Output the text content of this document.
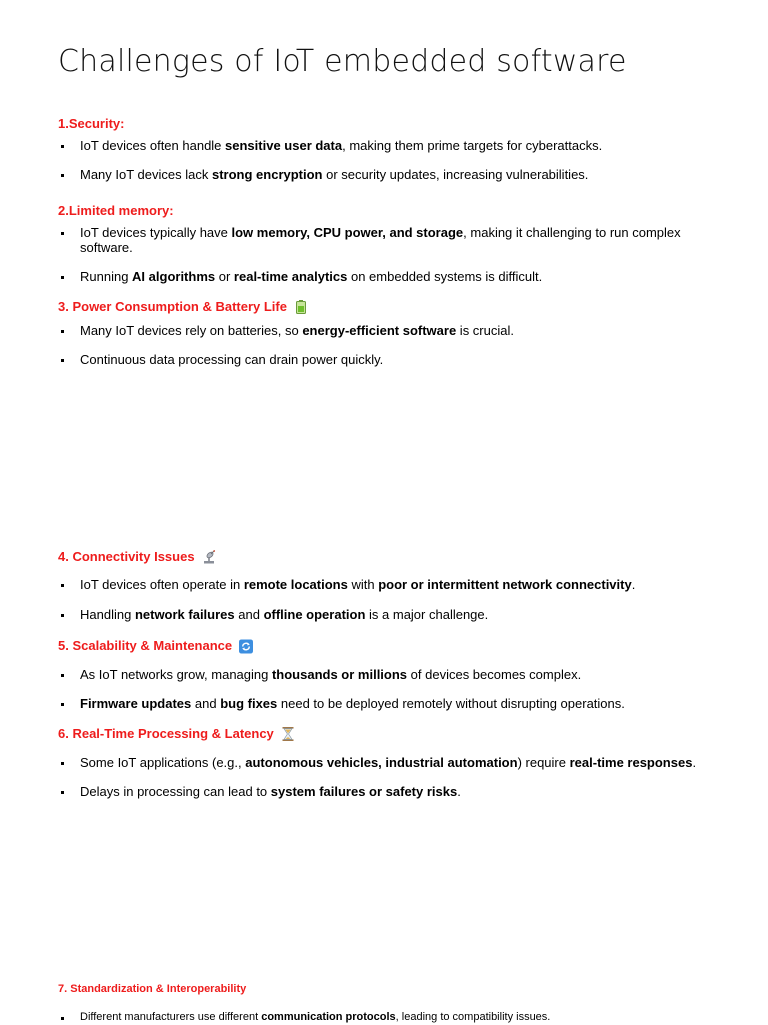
Challenges of IoT embedded software
1.Security:
IoT devices often handle sensitive user data, making them prime targets for cyberattacks.
Many IoT devices lack strong encryption or security updates, increasing vulnerabilities.
2.Limited memory:
IoT devices typically have low memory, CPU power, and storage, making it challenging to run complex software.
Running AI algorithms or real-time analytics on embedded systems is difficult.
3. Power Consumption & Battery Life
Many IoT devices rely on batteries, so energy-efficient software is crucial.
Continuous data processing can drain power quickly.
4. Connectivity Issues
IoT devices often operate in remote locations with poor or intermittent network connectivity.
Handling network failures and offline operation is a major challenge.
5. Scalability & Maintenance
As IoT networks grow, managing thousands or millions of devices becomes complex.
Firmware updates and bug fixes need to be deployed remotely without disrupting operations.
6. Real-Time Processing & Latency
Some IoT applications (e.g., autonomous vehicles, industrial automation) require real-time responses.
Delays in processing can lead to system failures or safety risks.
7. Standardization & Interoperability
Different manufacturers use different communication protocols, leading to compatibility issues.
